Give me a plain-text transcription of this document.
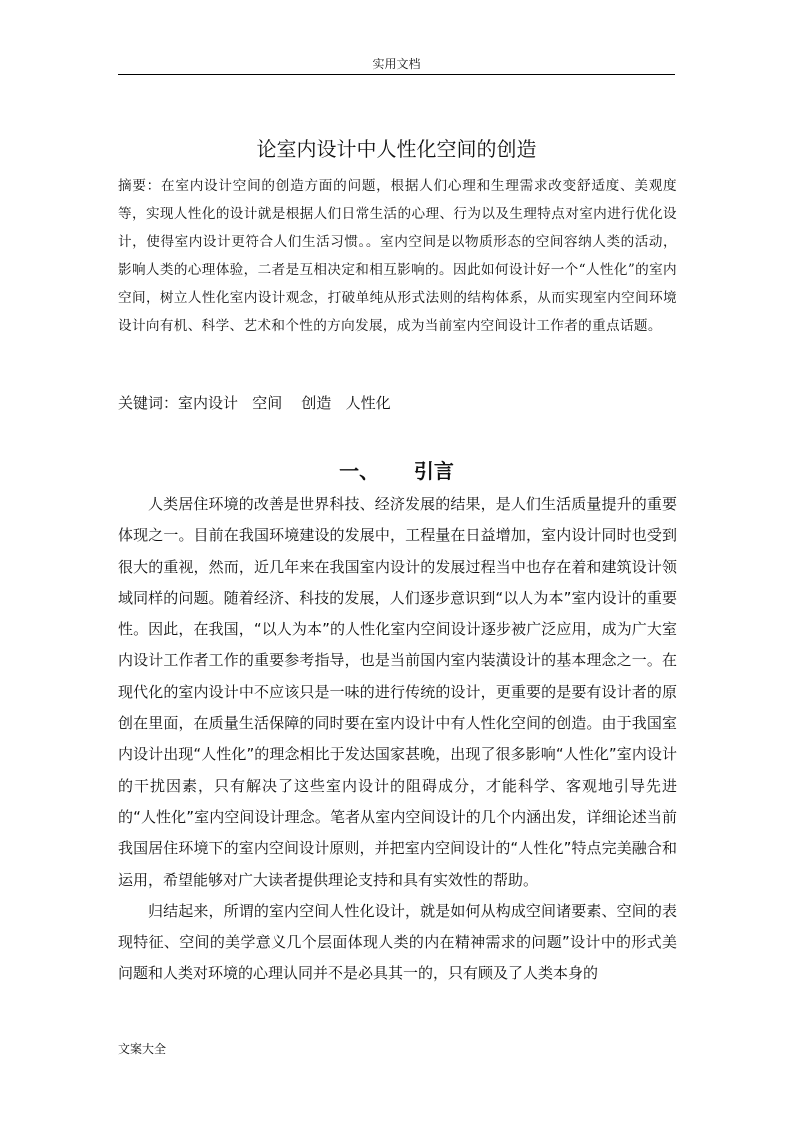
实用文档
论室内设计中人性化空间的创造

摘要：在室内设计空间的创造方面的问题，根据人们心理和生理需求改变舒适度、美观度等，实现人性化的设计就是根据人们日常生活的心理、行为以及生理特点对室内进行优化设计，使得室内设计更符合人们生活习惯。。室内空间是以物质形态的空间容纳人类的活动，影响人类的心理体验，二者是互相决定和相互影响的。因此如何设计好一个“人性化”的室内空间，树立人性化室内设计观念，打破单纯从形式法则的结构体系，从而实现室内空间环境设计向有机、科学、艺术和个性的方向发展，成为当前室内空间设计工作者的重点话题。

关键词：室内设计   空间    创造   人性化

一、     引言

人类居住环境的改善是世界科技、经济发展的结果，是人们生活质量提升的重要体现之一。目前在我国环境建设的发展中，工程量在日益增加，室内设计同时也受到很大的重视，然而，近几年来在我国室内设计的发展过程当中也存在着和建筑设计领域同样的问题。随着经济、科技的发展，人们逐步意识到“以人为本”室内设计的重要性。因此，在我国，“以人为本”的人性化室内空间设计逐步被广泛应用，成为广大室内设计工作者工作的重要参考指导，也是当前国内室内装潢设计的基本理念之一。在现代化的室内设计中不应该只是一味的进行传统的设计，更重要的是要有设计者的原创在里面，在质量生活保障的同时要在室内设计中有人性化空间的创造。由于我国室内设计出现“人性化”的理念相比于发达国家甚晚，出现了很多影响“人性化”室内设计的干扰因素，只有解决了这些室内设计的阻碍成分，才能科学、客观地引导先进的“人性化”室内空间设计理念。笔者从室内空间设计的几个内涵出发，详细论述当前我国居住环境下的室内空间设计原则，并把室内空间设计的“人性化”特点完美融合和运用，希望能够对广大读者提供理论支持和具有实效性的帮助。

归结起来，所谓的室内空间人性化设计，就是如何从构成空间诸要素、空间的表现特征、空间的美学意义几个层面体现人类的内在精神需求的问题”设计中的形式美问题和人类对环境的心理认同并不是必具其一的，只有顾及了人类本身的

文案大全
